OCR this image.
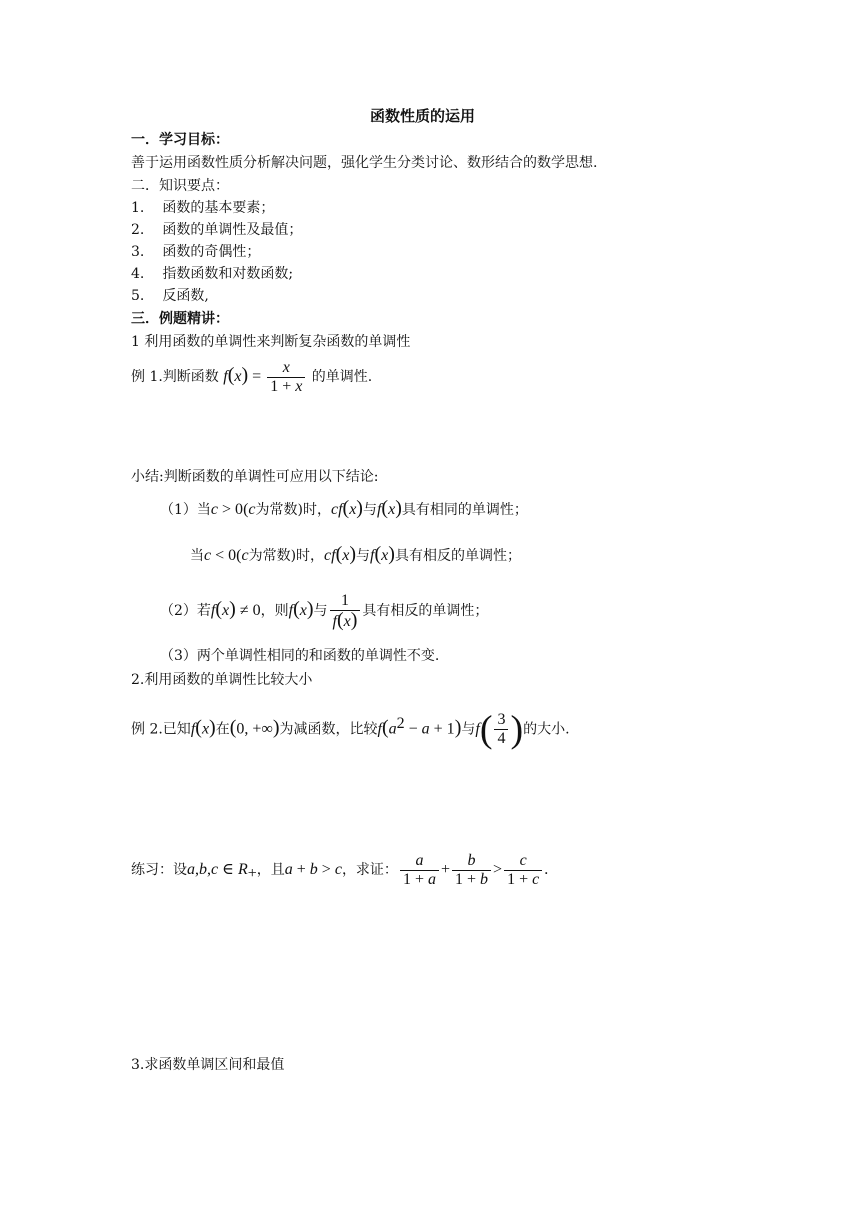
函数性质的运用
一．学习目标：
善于运用函数性质分析解决问题，强化学生分类讨论、数形结合的数学思想.
二．知识要点：
1. 函数的基本要素；
2. 函数的单调性及最值；
3. 函数的奇偶性；
4. 指数函数和对数函数;
5. 反函数,
三．例题精讲：
1 利用函数的单调性来判断复杂函数的单调性
例 1.判断函数 $f(x) = \frac{x}{1 + x}$ 的单调性.
小结:判断函数的单调性可应用以下结论:
（1）当c > 0(c为常数)时，cf(x)与f(x)具有相同的单调性；
当c < 0(c为常数)时，cf(x)与f(x)具有相反的单调性；
（2）若f(x) ≠ 0，则f(x)与 $\frac{1}{f(x)}$ 具有相反的单调性；
（3）两个单调性相同的和函数的单调性不变.
2.利用函数的单调性比较大小
例 2.已知f(x)在(0, +∞)为减函数，比较$f(a^2 - a + 1)$与$f( \frac{3}{4}$ )的大小.
练习：设a,b,c ∈ $R_+$，且a + b > c，求证： $\frac{a}{1 + a} + \frac{b}{1 + b} > \frac{c}{1 + c}$ .
3.求函数单调区间和最值
